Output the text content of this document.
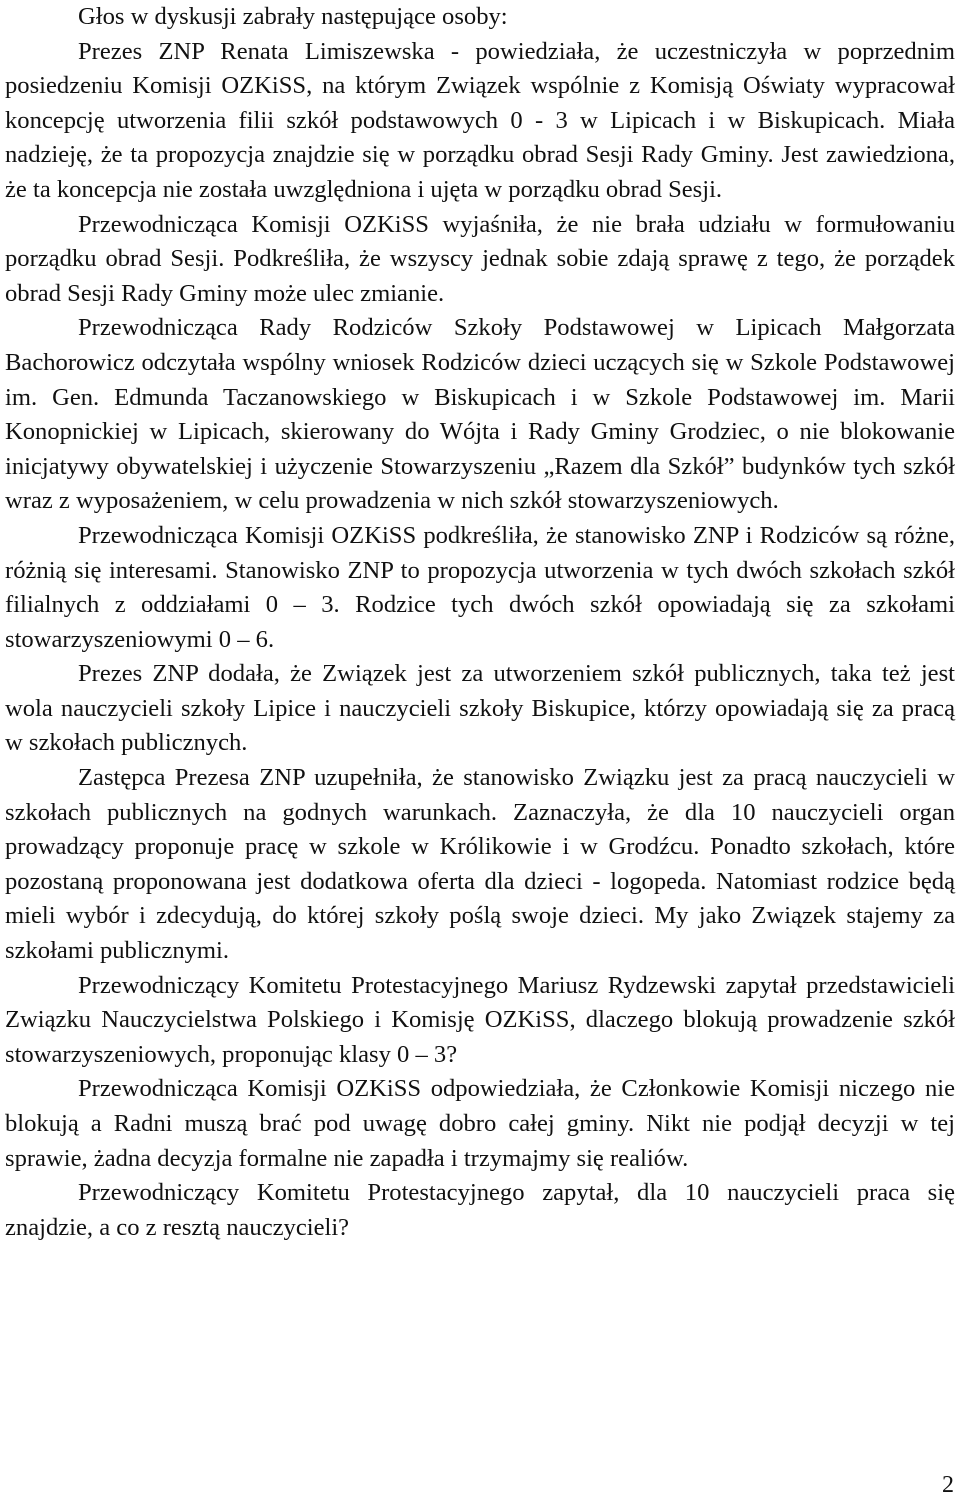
Głos w dyskusji zabrały następujące osoby:

Prezes ZNP Renata Limiszewska - powiedziała, że uczestniczyła w poprzednim posiedzeniu Komisji OZKiSS, na którym Związek wspólnie z Komisją Oświaty wypracował koncepcję utworzenia filii szkół podstawowych 0 - 3 w Lipicach i w Biskupicach. Miała nadzieję, że ta propozycja znajdzie się w porządku obrad Sesji Rady Gminy. Jest zawiedziona, że ta koncepcja nie została uwzględniona i ujęta w porządku obrad Sesji.

Przewodnicząca Komisji OZKiSS wyjaśniła, że nie brała udziału w formułowaniu porządku obrad Sesji. Podkreśliła, że wszyscy jednak sobie zdają sprawę z tego, że porządek obrad Sesji Rady Gminy może ulec zmianie.

Przewodnicząca Rady Rodziców Szkoły Podstawowej w Lipicach Małgorzata Bachorowicz odczytała wspólny wniosek Rodziców dzieci uczących się w Szkole Podstawowej im. Gen. Edmunda Taczanowskiego w Biskupicach i w Szkole Podstawowej im. Marii Konopnickiej w Lipicach, skierowany do Wójta i Rady Gminy Grodziec, o nie blokowanie inicjatywy obywatelskiej i użyczenie Stowarzyszeniu „Razem dla Szkół” budynków tych szkół wraz z wyposażeniem, w celu prowadzenia w nich szkół stowarzyszeniowych.

Przewodnicząca Komisji OZKiSS podkreśliła, że stanowisko ZNP i Rodziców są różne, różnią się interesami. Stanowisko ZNP to propozycja utworzenia w tych dwóch szkołach szkół filialnych z oddziałami 0 – 3. Rodzice tych dwóch szkół opowiadają się za szkołami stowarzyszeniowymi 0 – 6.

Prezes ZNP dodała, że Związek jest za utworzeniem szkół publicznych, taka też jest wola nauczycieli szkoły Lipice i nauczycieli szkoły Biskupice, którzy opowiadają się za pracą w szkołach publicznych.

Zastępca Prezesa ZNP uzupełniła, że stanowisko Związku jest za pracą nauczycieli w szkołach publicznych na godnych warunkach. Zaznaczyła, że dla 10 nauczycieli organ prowadzący proponuje pracę w szkole w Królikowie i w Grodźcu. Ponadto szkołach, które pozostaną proponowana jest dodatkowa oferta dla dzieci - logopeda. Natomiast rodzice będą mieli wybór i zdecydują, do której szkoły poślą swoje dzieci. My jako Związek stajemy za szkołami publicznymi.

Przewodniczący Komitetu Protestacyjnego Mariusz Rydzewski zapytał przedstawicieli Związku Nauczycielstwa Polskiego i Komisję OZKiSS, dlaczego blokują prowadzenie szkół stowarzyszeniowych, proponując klasy 0 – 3?

Przewodnicząca Komisji OZKiSS odpowiedziała, że Członkowie Komisji niczego nie blokują a Radni muszą brać pod uwagę dobro całej gminy. Nikt nie podjął decyzji w tej sprawie, żadna decyzja formalne nie zapadła i trzymajmy się realiów.

Przewodniczący Komitetu Protestacyjnego zapytał, dla 10 nauczycieli praca się znajdzie, a co z resztą nauczycieli?

2
